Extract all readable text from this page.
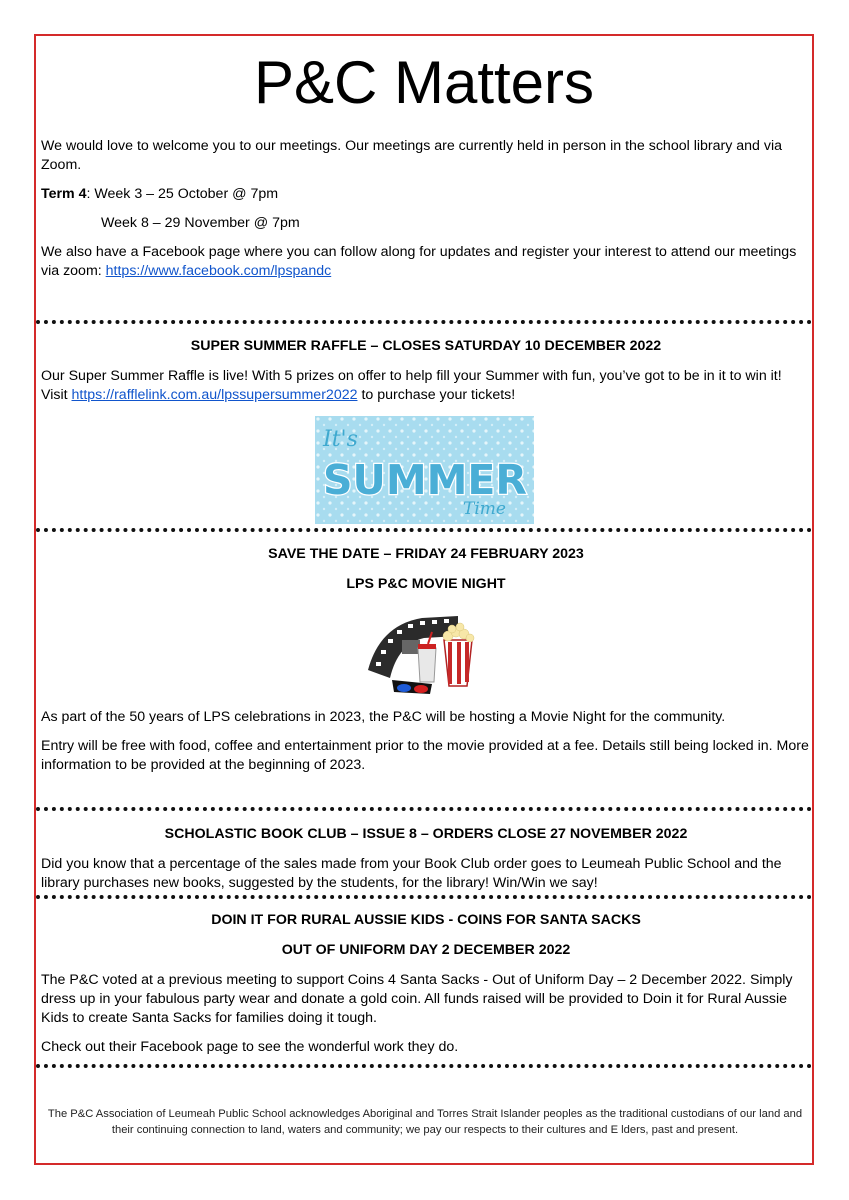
P&C Matters

We would love to welcome you to our meetings. Our meetings are currently held in person in the school library and via Zoom.

Term 4: Week 3 – 25 October @ 7pm

Week 8 – 29 November @ 7pm

We also have a Facebook page where you can follow along for updates and register your interest to attend our meetings via zoom: https://www.facebook.com/lpspandc

SUPER SUMMER RAFFLE – CLOSES SATURDAY 10 DECEMBER 2022

Our Super Summer Raffle is live! With 5 prizes on offer to help fill your Summer with fun, you’ve got to be in it to win it! Visit https://rafflelink.com.au/lpssupersummer2022 to purchase your tickets!

It's
SUMMER
Time

SAVE THE DATE – FRIDAY 24 FEBRUARY 2023

LPS P&C MOVIE NIGHT

As part of the 50 years of LPS celebrations in 2023, the P&C will be hosting a Movie Night for the community.

Entry will be free with food, coffee and entertainment prior to the movie provided at a fee. Details still being locked in. More information to be provided at the beginning of 2023.

SCHOLASTIC BOOK CLUB – ISSUE 8 – ORDERS CLOSE 27 NOVEMBER 2022

Did you know that a percentage of the sales made from your Book Club order goes to Leumeah Public School and the library purchases new books, suggested by the students, for the library! Win/Win we say!

DOIN IT FOR RURAL AUSSIE KIDS - COINS FOR SANTA SACKS

OUT OF UNIFORM DAY 2 DECEMBER 2022

The P&C voted at a previous meeting to support Coins 4 Santa Sacks - Out of Uniform Day – 2 December 2022. Simply dress up in your fabulous party wear and donate a gold coin. All funds raised will be provided to Doin it for Rural Aussie Kids to create Santa Sacks for families doing it tough.

Check out their Facebook page to see the wonderful work they do.

The P&C Association of Leumeah Public School acknowledges Aboriginal and Torres Strait Islander peoples as the traditional custodians of our land and their continuing connection to land, waters and community; we pay our respects to their cultures and E lders, past and present.
